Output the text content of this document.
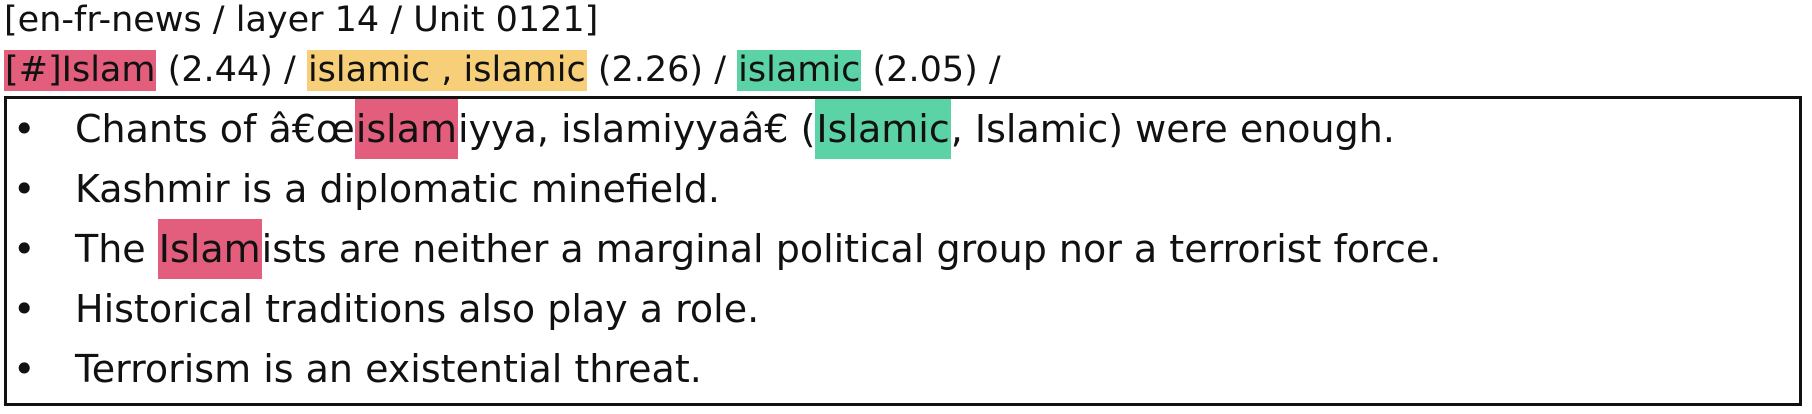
[en-fr-news / layer 14 / Unit 0121]
[#]Islam (2.44) / islamic , islamic (2.26) / islamic (2.05) /
• Chants of â€œislamiyya, islamiyyaâ€ (Islamic, Islamic) were enough.
• Kashmir is a diplomatic minefield.
• The Islamists are neither a marginal political group nor a terrorist force.
• Historical traditions also play a role.
• Terrorism is an existential threat.
